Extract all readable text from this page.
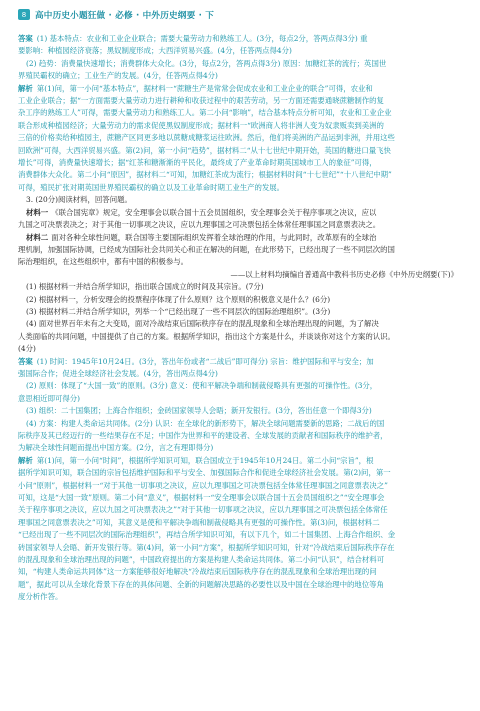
8	高中历史小题狂做 · 必修 · 中外历史纲要 · 下

答案 (1) 基本特点：农业和工业企业联合；需要大量劳动力和熟练工人。(3分，每点2分，答两点得3分) 重

要影响：种植园经济衰落；黑奴制度形成；大西洋贸易兴盛。(4分，任答两点得4分)

(2) 趋势：消费量快速增长；消费群体大众化。(3分，每点2分，答两点得3分) 原因：加糖红茶的流行；英国世

界殖民霸权的确立；工业生产的发展。(4分，任答两点得4分)

解析 第(1)问，第一小问“基本特点”，据材料一“蔗糖生产是常常会促成农业和工业企业的联合”可得，农业和

工业企业联合；据“一方面需要大量劳动力进行耕种和收获过程中的艰苦劳动，另一方面还需要通晓蔗糖制作的复

杂工序的熟练工人”可得，需要大量劳动力和熟练工人。第二小问“影响”，结合基本特点分析可知，农业和工业企业

联合形成种植园经济；大量劳动力的需求促使黑奴制度形成；据材料一“欧洲商人将非洲人变为奴隶贩卖到美洲的

三倍的价格卖给种植园主，蔗糖产区同更多地以蔗糖成糖浆运往欧洲。然后，他们将美洲的产品运到非洲，并用这些

回欧洲”可得，大西洋贸易兴盛。第(2)问，第一小问“趋势”，据材料二“从十七世纪中期开始，英国的糖进口量飞快

增长”可得，消费量快速增长；据“红茶和糖渐渐的平民化，最终成了产业革命时期英国城市工人的象征”可得，

消费群体大众化。第二小问“原因”，据材料二“可知，加糖红茶成为流行；根据材料时间“十七世纪”“十八世纪中期”

可得，殖民扩张对期英国世界殖民霸权的确立以及工业革命时期工业生产的发展。

3. (20分)阅读材料，回答问题。

材料一 《联合国宪章》规定，安全理事会以联合国十五会员国组织，安全理事会关于程序事项之决议，应以

九国之可决票表决之；对于其他一切事项之决议，应以九理事国之可决票包括全体常任理事国之同意票表决之。

材料二 面对各种全球性问题，联合国等主要国际组织发挥着全球治理的作用，与此同时，改革原有的全球治

理机制，加强国际协调，已经成为国际社会共同关心和正在解决的问题，在此形势下，已经出现了一些不同层次的国

际治理组织，在这些组织中，都有中国的积极参与。

——以上材料均摘编自普通高中教科书历史必修《中外历史纲要(下)》

(1) 根据材料一并结合所学知识，指出联合国成立的时间及其宗旨。(7分)

(2) 根据材料一，分析安理会的投票程序体现了什么原则？这个原则的积极意义是什么？(6分)

(3) 根据材料二并结合所学知识，列举一个“已经出现了一些不同层次的国际治理组织”。(3分)

(4) 面对世界百年未有之大变局，面对冷战结束后国际秩序存在的混乱现象和全球治理出现的问题，为了解决

人类面临的共同问题，中国提供了自己的方案。根据所学知识，指出这个方案是什么，并谈谈你对这个方案的认识。

(4分)

答案 (1) 时间：1945年10月24日。(3分，答出年份或者“二战后”即可得分) 宗旨：维护国际和平与安全；加

强国际合作；促进全球经济社会发展。(4分，答出两点得4分)

(2) 原则：体现了“大国一致”的原则。(3分) 意义：使和平解决争端和制裁侵略具有更强的可操作性。(3分，

意思相近即可得分)

(3) 组织：二十国集团；上海合作组织；金砖国家领导人会晤；新开发银行。(3分，答出任意一个即得3分)

(4) 方案：构建人类命运共同体。(2分) 认识：在全球化的新形势下，解决全球问题需要新的思路；二战后的国

际秩序及其已经迈行的一些结果存在不足；中国作为世界和平的建设者、全球发展的贡献者和国际秩序的维护者，

为解决全球性问题而提出中国方案。(2分，言之有理即得分)

解析 第(1)问，第一小问“时间”，根据所学知识可知，联合国成立于1945年10月24日。第二小问“宗旨”，根

据所学知识可知，联合国的宗旨包括维护国际和平与安全、加强国际合作和促进全球经济社会发展。第(2)问，第一

小问“原则”，根据材料一“对于其他一切事项之决议，应以九理事国之可决票包括全体常任理事国之同意票表决之”

可知，这是“大国一致”原则。第二小问“意义”，根据材料一“安全理事会以联合国十五会员国组织之”“安全理事会

关于程序事项之决议，应以九国之可决票表决之”“对于其他一切事项之决议，应以九理事国之可决票包括全体常任

理事国之同意票表决之”可知，其意义是使和平解决争端和制裁侵略具有更强的可操作性。第(3)问，根据材料二

“已经出现了一些不同层次的国际治理组织”，再结合所学知识可知，有以下几个，如二十国集团、上海合作组织、金

砖国家领导人会晤、新开发银行等。第(4)问，第一小问“方案”，根据所学知识可知，针对“冷战结束后国际秩序存在

的混乱现象和全球治理出现的问题”，中国政府提出的方案是构建人类命运共同体。第二小问“认识”，结合材料可

知，“构建人类命运共同体”这一方案能够很好地解决“冷战结束后国际秩序存在的混乱现象和全球治理出现的问

题”，据此可以从全球化背景下存在的具体问题、全新的问题解决思路的必要性以及中国在全球治理中的地位等角

度分析作答。
